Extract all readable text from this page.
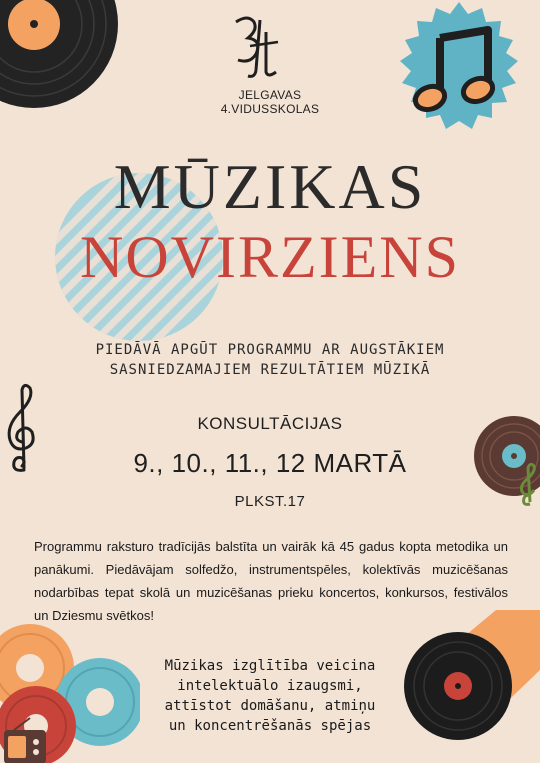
JELGAVAS
4.VIDUSSKOLAS
MŪZIKAS
NOVIRZIENS
PIEDĀVĀ APGŪT PROGRAMMU AR AUGSTĀKIEM
SASNIEDZAMAJIEM REZULTĀTIEM MŪZIKĀ
KONSULTĀCIJAS
9., 10., 11., 12 MARTĀ
PLKST.17

Programmu raksturo tradīcijās balstīta un vairāk kā 45 gadus kopta metodika un panākumi. Piedāvājam solfedžo, instrumentspēles, kolektīvās muzicēšanas nodarbības tepat skolā un muzicēšanas prieku koncertos, konkursos, festivālos un Dziesmu svētkos!

Mūzikas izglītība veicina
intelektuālo izaugsmi,
attīstot domāšanu, atmiņu
un koncentrēšanās spējas
